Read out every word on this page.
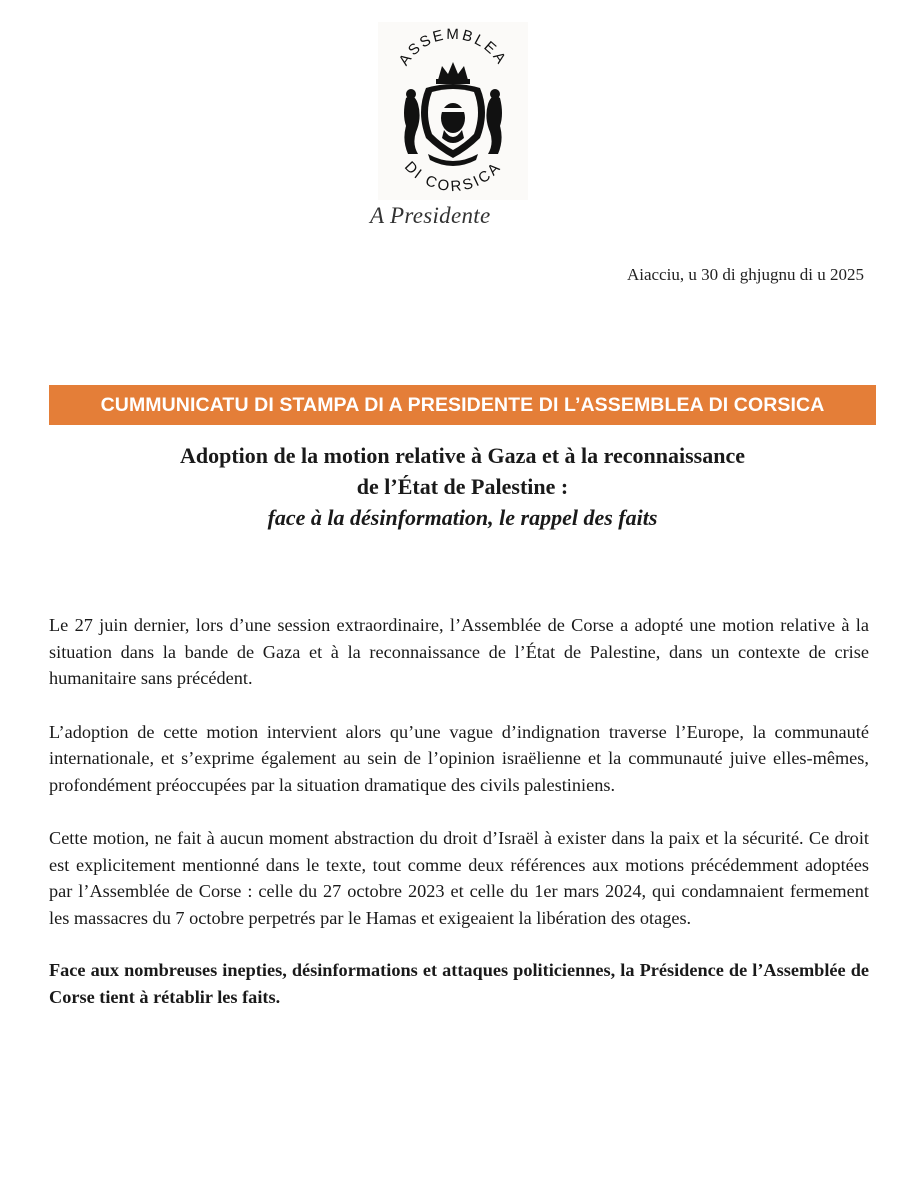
ASSEMBLEA
DI CORSICA
A Presidente
Aiacciu, u 30 di ghjugnu di u 2025
CUMMUNICATU DI STAMPA DI A PRESIDENTE DI L’ASSEMBLEA DI CORSICA
Adoption de la motion relative à Gaza et à la reconnaissance
de l’État de Palestine :
face à la désinformation, le rappel des faits

Le 27 juin dernier, lors d’une session extraordinaire, l’Assemblée de Corse a adopté une motion relative à la situation dans la bande de Gaza et à la reconnaissance de l’État de Palestine, dans un contexte de crise humanitaire sans précédent.

L’adoption de cette motion intervient alors qu’une vague d’indignation traverse l’Europe, la communauté internationale, et s’exprime également au sein de l’opinion israëlienne et la communauté juive elles-mêmes, profondément préoccupées par la situation dramatique des civils palestiniens.

Cette motion, ne fait à aucun moment abstraction du droit d’Israël à exister dans la paix et la sécurité. Ce droit est explicitement mentionné dans le texte, tout comme deux références aux motions précédemment adoptées par l’Assemblée de Corse : celle du 27 octobre 2023 et celle du 1er mars 2024, qui condamnaient fermement les massacres du 7 octobre perpetrés par le Hamas et exigeaient la libération des otages.

Face aux nombreuses inepties, désinformations et attaques politiciennes, la Présidence de l’Assemblée de Corse tient à rétablir les faits.
